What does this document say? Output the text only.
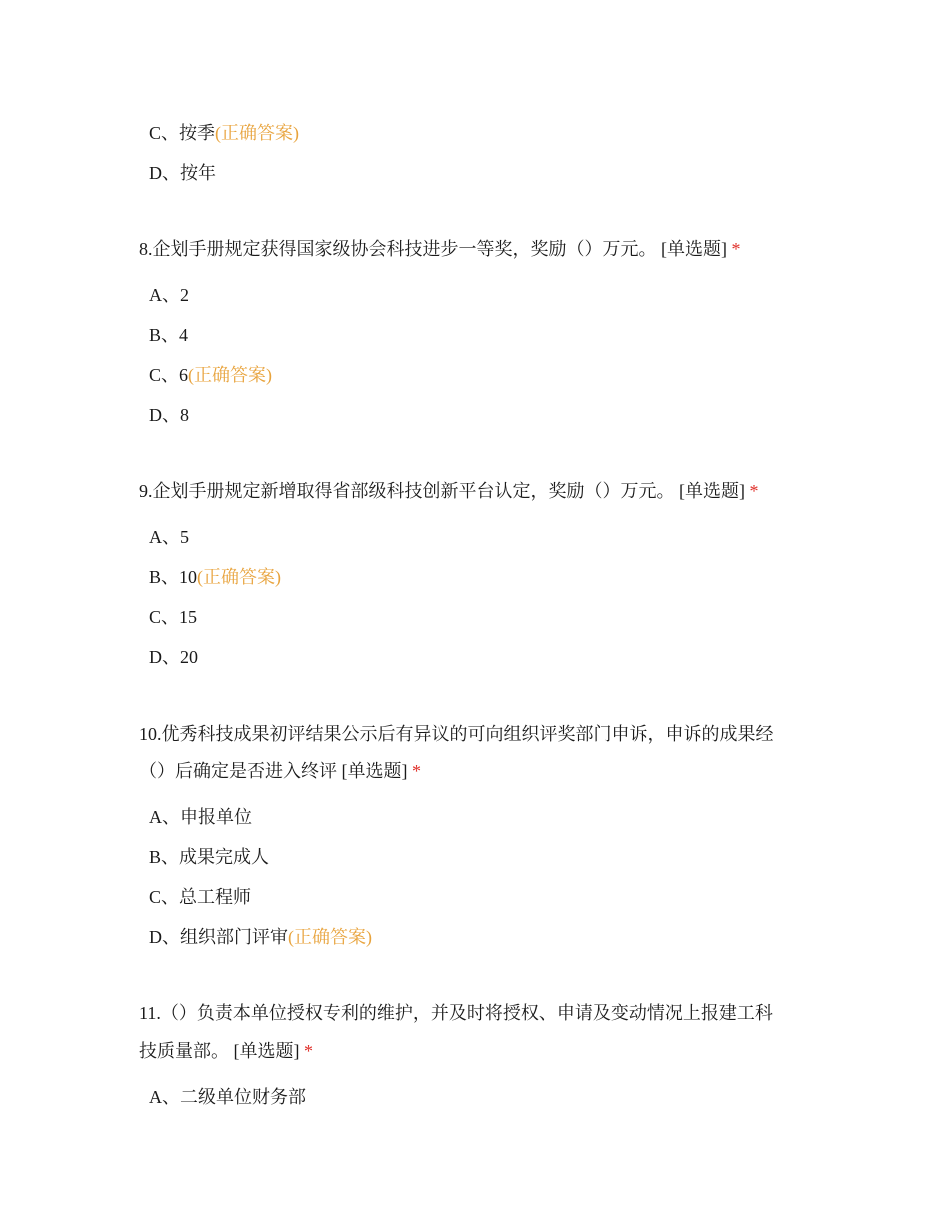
C、按季(正确答案)
D、按年
8.企划手册规定获得国家级协会科技进步一等奖，奖励（）万元。 [单选题] *
A、2
B、4
C、6(正确答案)
D、8
9.企划手册规定新增取得省部级科技创新平台认定，奖励（）万元。 [单选题] *
A、5
B、10(正确答案)
C、15
D、20
10.优秀科技成果初评结果公示后有异议的可向组织评奖部门申诉，申诉的成果经
（）后确定是否进入终评 [单选题] *
A、申报单位
B、成果完成人
C、总工程师
D、组织部门评审(正确答案)
11.（）负责本单位授权专利的维护，并及时将授权、申请及变动情况上报建工科
技质量部。 [单选题] *
A、二级单位财务部
